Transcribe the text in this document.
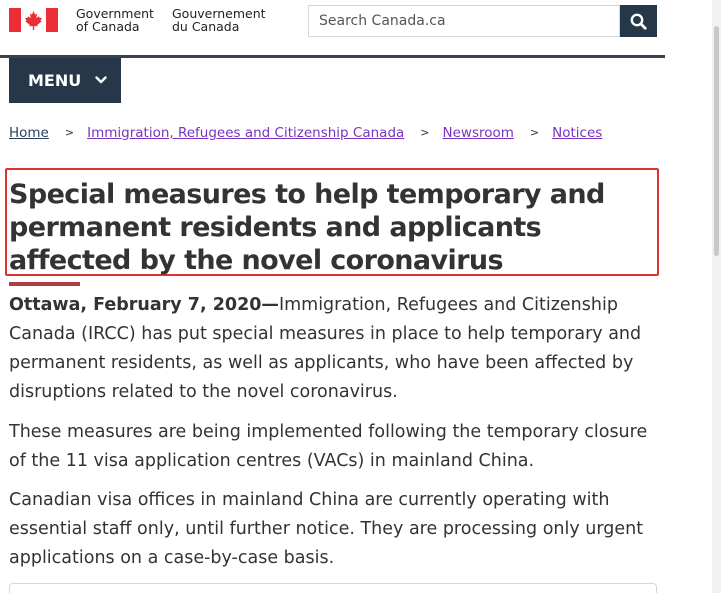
Government
of Canada
Gouvernement
du Canada
Search Canada.ca
MENU
Home > Immigration, Refugees and Citizenship Canada > Newsroom > Notices
Special measures to help temporary and permanent residents and applicants affected by the novel coronavirus

Ottawa, February 7, 2020—Immigration, Refugees and Citizenship Canada (IRCC) has put special measures in place to help temporary and permanent residents, as well as applicants, who have been affected by disruptions related to the novel coronavirus.

These measures are being implemented following the temporary closure of the 11 visa application centres (VACs) in mainland China.

Canadian visa offices in mainland China are currently operating with essential staff only, until further notice. They are processing only urgent applications on a case-by-case basis.
